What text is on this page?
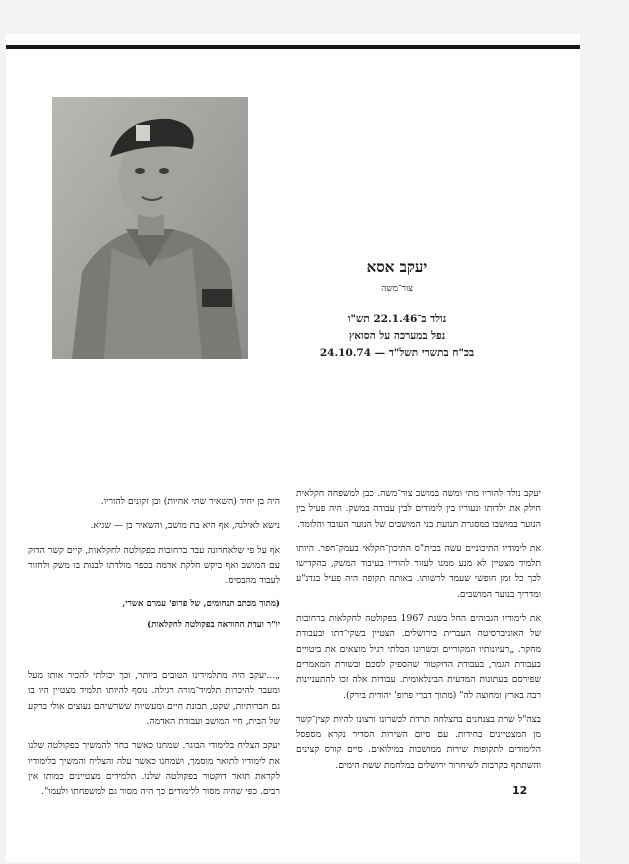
יעקב אסא

צור־משה

נולד ב־22.1.46 תש"ו

נפל במערכה על הסואץ

בכ"ח בתשרי תשל"ד — 24.10.74

יעקב נולד להוריו מתי ומשה במושב צור־משה. כבן למשפחה חקלאית חילק את ילדותו ונעוריו בין לימודים לבין עבודה במשק. היה פעיל בין הנוער במושבו במסגרת תנועת בני המושבים של הנוער העובד והלומד.

את לימודיו התיכוניים עשה בבית"ס התיכון־חקלאי בעמק־חפר. היותו תלמיד מצטיין לא מנע ממנו לעזור להוריו בעיבוד המשק, בהקדישו לכך כל זמן חופשי שעמד לרשותו. באותה תקופה היה פעיל בגדנ"ע ומדריך בנוער המושבים.

את לימודיו הגבוהים החל בשנת 1967 בפקולטה לחקלאות ברחובות של האוניברסיטה העברית בירושלים. הצטיין בשקי־דתו ובעבודת מחקר. „רעיונותיו המקוריים וכשרונו הבלתי רגיל מוצאים את ביטויים בעבודת הגמר, בעבודת הדוקטור שהספיק לסכם ובשורת המאמרים שפירסם בעתונות המדעית הבינלאומית. עבודות אלה זכו להתעניינות רבה בארץ ומחוצה לה" (מתוך דברי פרופ' יהודית בירק).

בצה"ל שרת בצנחנים בהצלחה תרדת לכשרונו ורצונו להיות קצין־קשר מן המצטיינים בחידות. עם סיום השירות הסדיר נקרא מספסל הלימודים לתקופות שירות ממושכות במילואים. סיים קורס קצינים והשתתף בקרבות לשיחרור ירושלים במלחמת ששת הימים.

היה בן יחיד (השאיר שתי אחיות) ובן זקונים להוריו.

נישא לאילנה, אף היא בת מושב, והשאיר בן — שגיא.

אף על פי שלאחרונה עבד ברחובות בפקולטה לחקלאות, קיים קשר הדוק עם המושב ואף ביקש חלקת אדמה בכפר מולדתו לבנות בו משק ולחזור לעבוד מהבסיס.

(מתוך מכתב תנחומים, של פרופ' עמרם אשרי,

יו"ר ועדת ההוראה בפקולטה לחקלאות)

„...יעקב היה מתלמידינו הטובים ביותר, וכך יכולתי להכיר אותו מעל ומעבר להיכרות תלמיד־מורה רגילה. נוסף להיותו תלמיד מצטיין היו בו גם חברותיות, שקט, תבונת חיים ומעשיות ששרשיהם נעוצים אולי ברקע של הבית, חיי המושב ועבודת האדמה.

יעקב הצליח בלימודי הבוגר. שמחנו כאשר בחר להמשיך בפקולטה שלנו את לימודיו לתואר מוסמך, ושמחנו כאשר עלה והצליח והמשיך בלימודיו לקראת תואר דוקטור בפקולטה שלנו. תלמידים מצטיינים כמותו אין רבים. כפי שהיה מסור ללימודים כך היה מסור גם למשפחתו ולעמו".	12
